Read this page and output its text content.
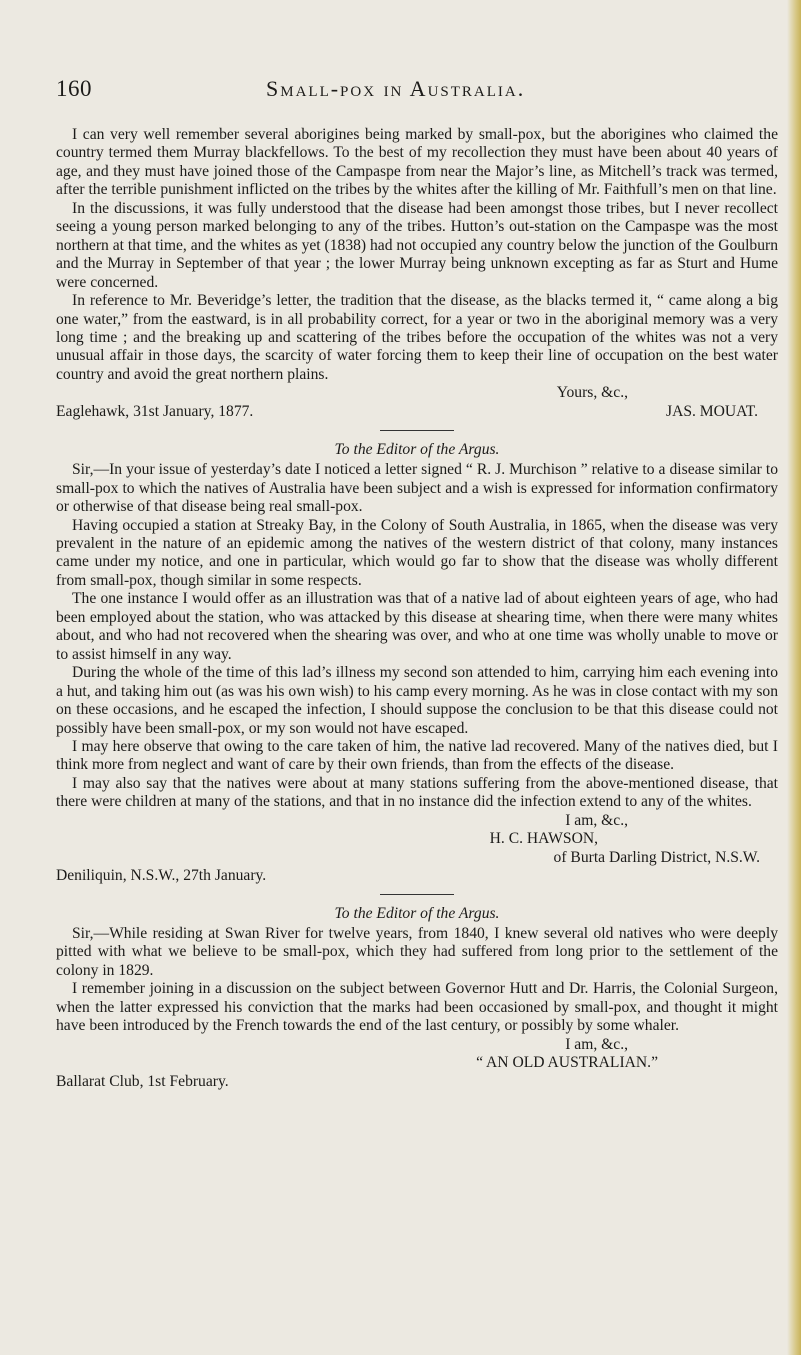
160	Small-pox in Australia.

I can very well remember several aborigines being marked by small-pox, but the aborigines who claimed the country termed them Murray blackfellows. To the best of my recollection they must have been about 40 years of age, and they must have joined those of the Campaspe from near the Major’s line, as Mitchell’s track was termed, after the terrible punishment inflicted on the tribes by the whites after the killing of Mr. Faithfull’s men on that line.

In the discussions, it was fully understood that the disease had been amongst those tribes, but I never recollect seeing a young person marked belonging to any of the tribes. Hutton’s out-station on the Campaspe was the most northern at that time, and the whites as yet (1838) had not occupied any country below the junction of the Goulburn and the Murray in September of that year ; the lower Murray being unknown excepting as far as Sturt and Hume were concerned.

In reference to Mr. Beveridge’s letter, the tradition that the disease, as the blacks termed it, “ came along a big one water,” from the eastward, is in all probability correct, for a year or two in the aboriginal memory was a very long time ; and the breaking up and scattering of the tribes before the occupation of the whites was not a very unusual affair in those days, the scarcity of water forcing them to keep their line of occupation on the best water country and avoid the great northern plains.

Yours, &c.,

JAS. MOUAT.

Eaglehawk, 31st January, 1877.

To the Editor of the Argus.

Sir,—In your issue of yesterday’s date I noticed a letter signed “ R. J. Murchison ” relative to a disease similar to small-pox to which the natives of Australia have been subject and a wish is expressed for information confirmatory or otherwise of that disease being real small-pox.

Having occupied a station at Streaky Bay, in the Colony of South Australia, in 1865, when the disease was very prevalent in the nature of an epidemic among the natives of the western district of that colony, many instances came under my notice, and one in particular, which would go far to show that the disease was wholly different from small-pox, though similar in some respects.

The one instance I would offer as an illustration was that of a native lad of about eighteen years of age, who had been employed about the station, who was attacked by this disease at shearing time, when there were many whites about, and who had not recovered when the shearing was over, and who at one time was wholly unable to move or to assist himself in any way.

During the whole of the time of this lad’s illness my second son attended to him, carrying him each evening into a hut, and taking him out (as was his own wish) to his camp every morning. As he was in close contact with my son on these occasions, and he escaped the infection, I should suppose the conclusion to be that this disease could not possibly have been small-pox, or my son would not have escaped.

I may here observe that owing to the care taken of him, the native lad recovered. Many of the natives died, but I think more from neglect and want of care by their own friends, than from the effects of the disease.

I may also say that the natives were about at many stations suffering from the above-mentioned disease, that there were children at many of the stations, and that in no instance did the infection extend to any of the whites.

I am, &c.,

H. C. HAWSON,

of Burta Darling District, N.S.W.

Deniliquin, N.S.W., 27th January.

To the Editor of the Argus.

Sir,—While residing at Swan River for twelve years, from 1840, I knew several old natives who were deeply pitted with what we believe to be small-pox, which they had suffered from long prior to the settlement of the colony in 1829.

I remember joining in a discussion on the subject between Governor Hutt and Dr. Harris, the Colonial Surgeon, when the latter expressed his conviction that the marks had been occasioned by small-pox, and thought it might have been introduced by the French towards the end of the last century, or possibly by some whaler.

I am, &c.,

“ AN OLD AUSTRALIAN.”

Ballarat Club, 1st February.
